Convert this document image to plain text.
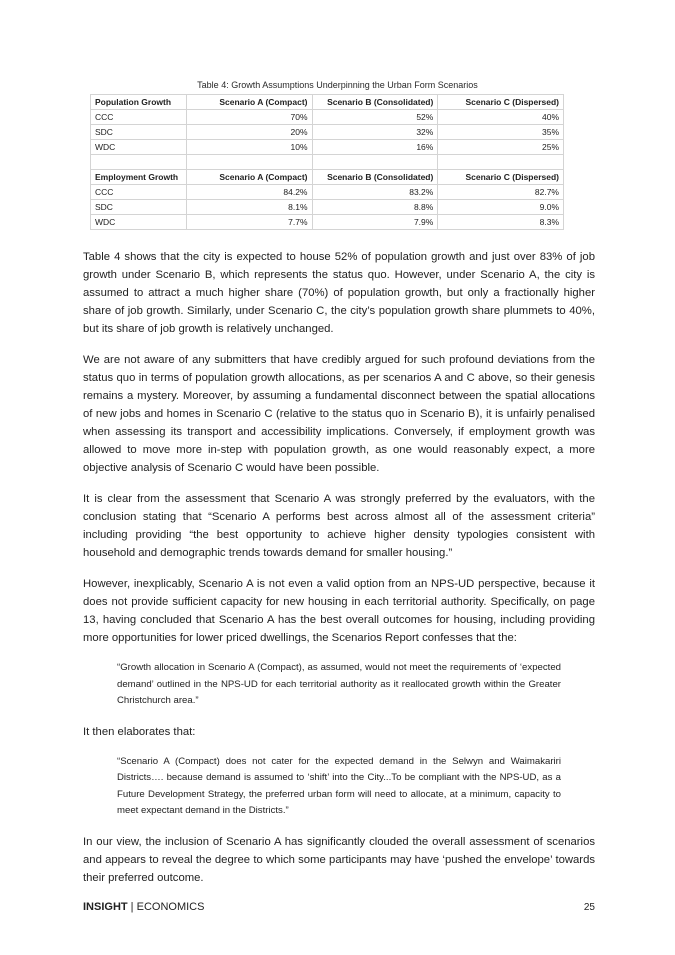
Table 4: Growth Assumptions Underpinning the Urban Form Scenarios
Population Growth	Scenario A (Compact)	Scenario B (Consolidated)	Scenario C (Dispersed)
CCC	70%	52%	40%
SDC	20%	32%	35%
WDC	10%	16%	25%

Employment Growth	Scenario A (Compact)	Scenario B (Consolidated)	Scenario C (Dispersed)
CCC	84.2%	83.2%	82.7%
SDC	8.1%	8.8%	9.0%
WDC	7.7%	7.9%	8.3%

Table 4 shows that the city is expected to house 52% of population growth and just over 83% of job growth under Scenario B, which represents the status quo. However, under Scenario A, the city is assumed to attract a much higher share (70%) of population growth, but only a fractionally higher share of job growth. Similarly, under Scenario C, the city’s population growth share plummets to 40%, but its share of job growth is relatively unchanged.

We are not aware of any submitters that have credibly argued for such profound deviations from the status quo in terms of population growth allocations, as per scenarios A and C above, so their genesis remains a mystery. Moreover, by assuming a fundamental disconnect between the spatial allocations of new jobs and homes in Scenario C (relative to the status quo in Scenario B), it is unfairly penalised when assessing its transport and accessibility implications. Conversely, if employment growth was allowed to move more in-step with population growth, as one would reasonably expect, a more objective analysis of Scenario C would have been possible.

It is clear from the assessment that Scenario A was strongly preferred by the evaluators, with the conclusion stating that “Scenario A performs best across almost all of the assessment criteria” including providing “the best opportunity to achieve higher density typologies consistent with household and demographic trends towards demand for smaller housing.”

However, inexplicably, Scenario A is not even a valid option from an NPS-UD perspective, because it does not provide sufficient capacity for new housing in each territorial authority. Specifically, on page 13, having concluded that Scenario A has the best overall outcomes for housing, including providing more opportunities for lower priced dwellings, the Scenarios Report confesses that the:

“Growth allocation in Scenario A (Compact), as assumed, would not meet the requirements of ‘expected demand’ outlined in the NPS-UD for each territorial authority as it reallocated growth within the Greater Christchurch area.”

It then elaborates that:

“Scenario A (Compact) does not cater for the expected demand in the Selwyn and Waimakariri Districts…. because demand is assumed to ‘shift’ into the City...To be compliant with the NPS-UD, as a Future Development Strategy, the preferred urban form will need to allocate, at a minimum, capacity to meet expectant demand in the Districts.”

In our view, the inclusion of Scenario A has significantly clouded the overall assessment of scenarios and appears to reveal the degree to which some participants may have ‘pushed the envelope’ towards their preferred outcome.

INSIGHT | ECONOMICS	25
